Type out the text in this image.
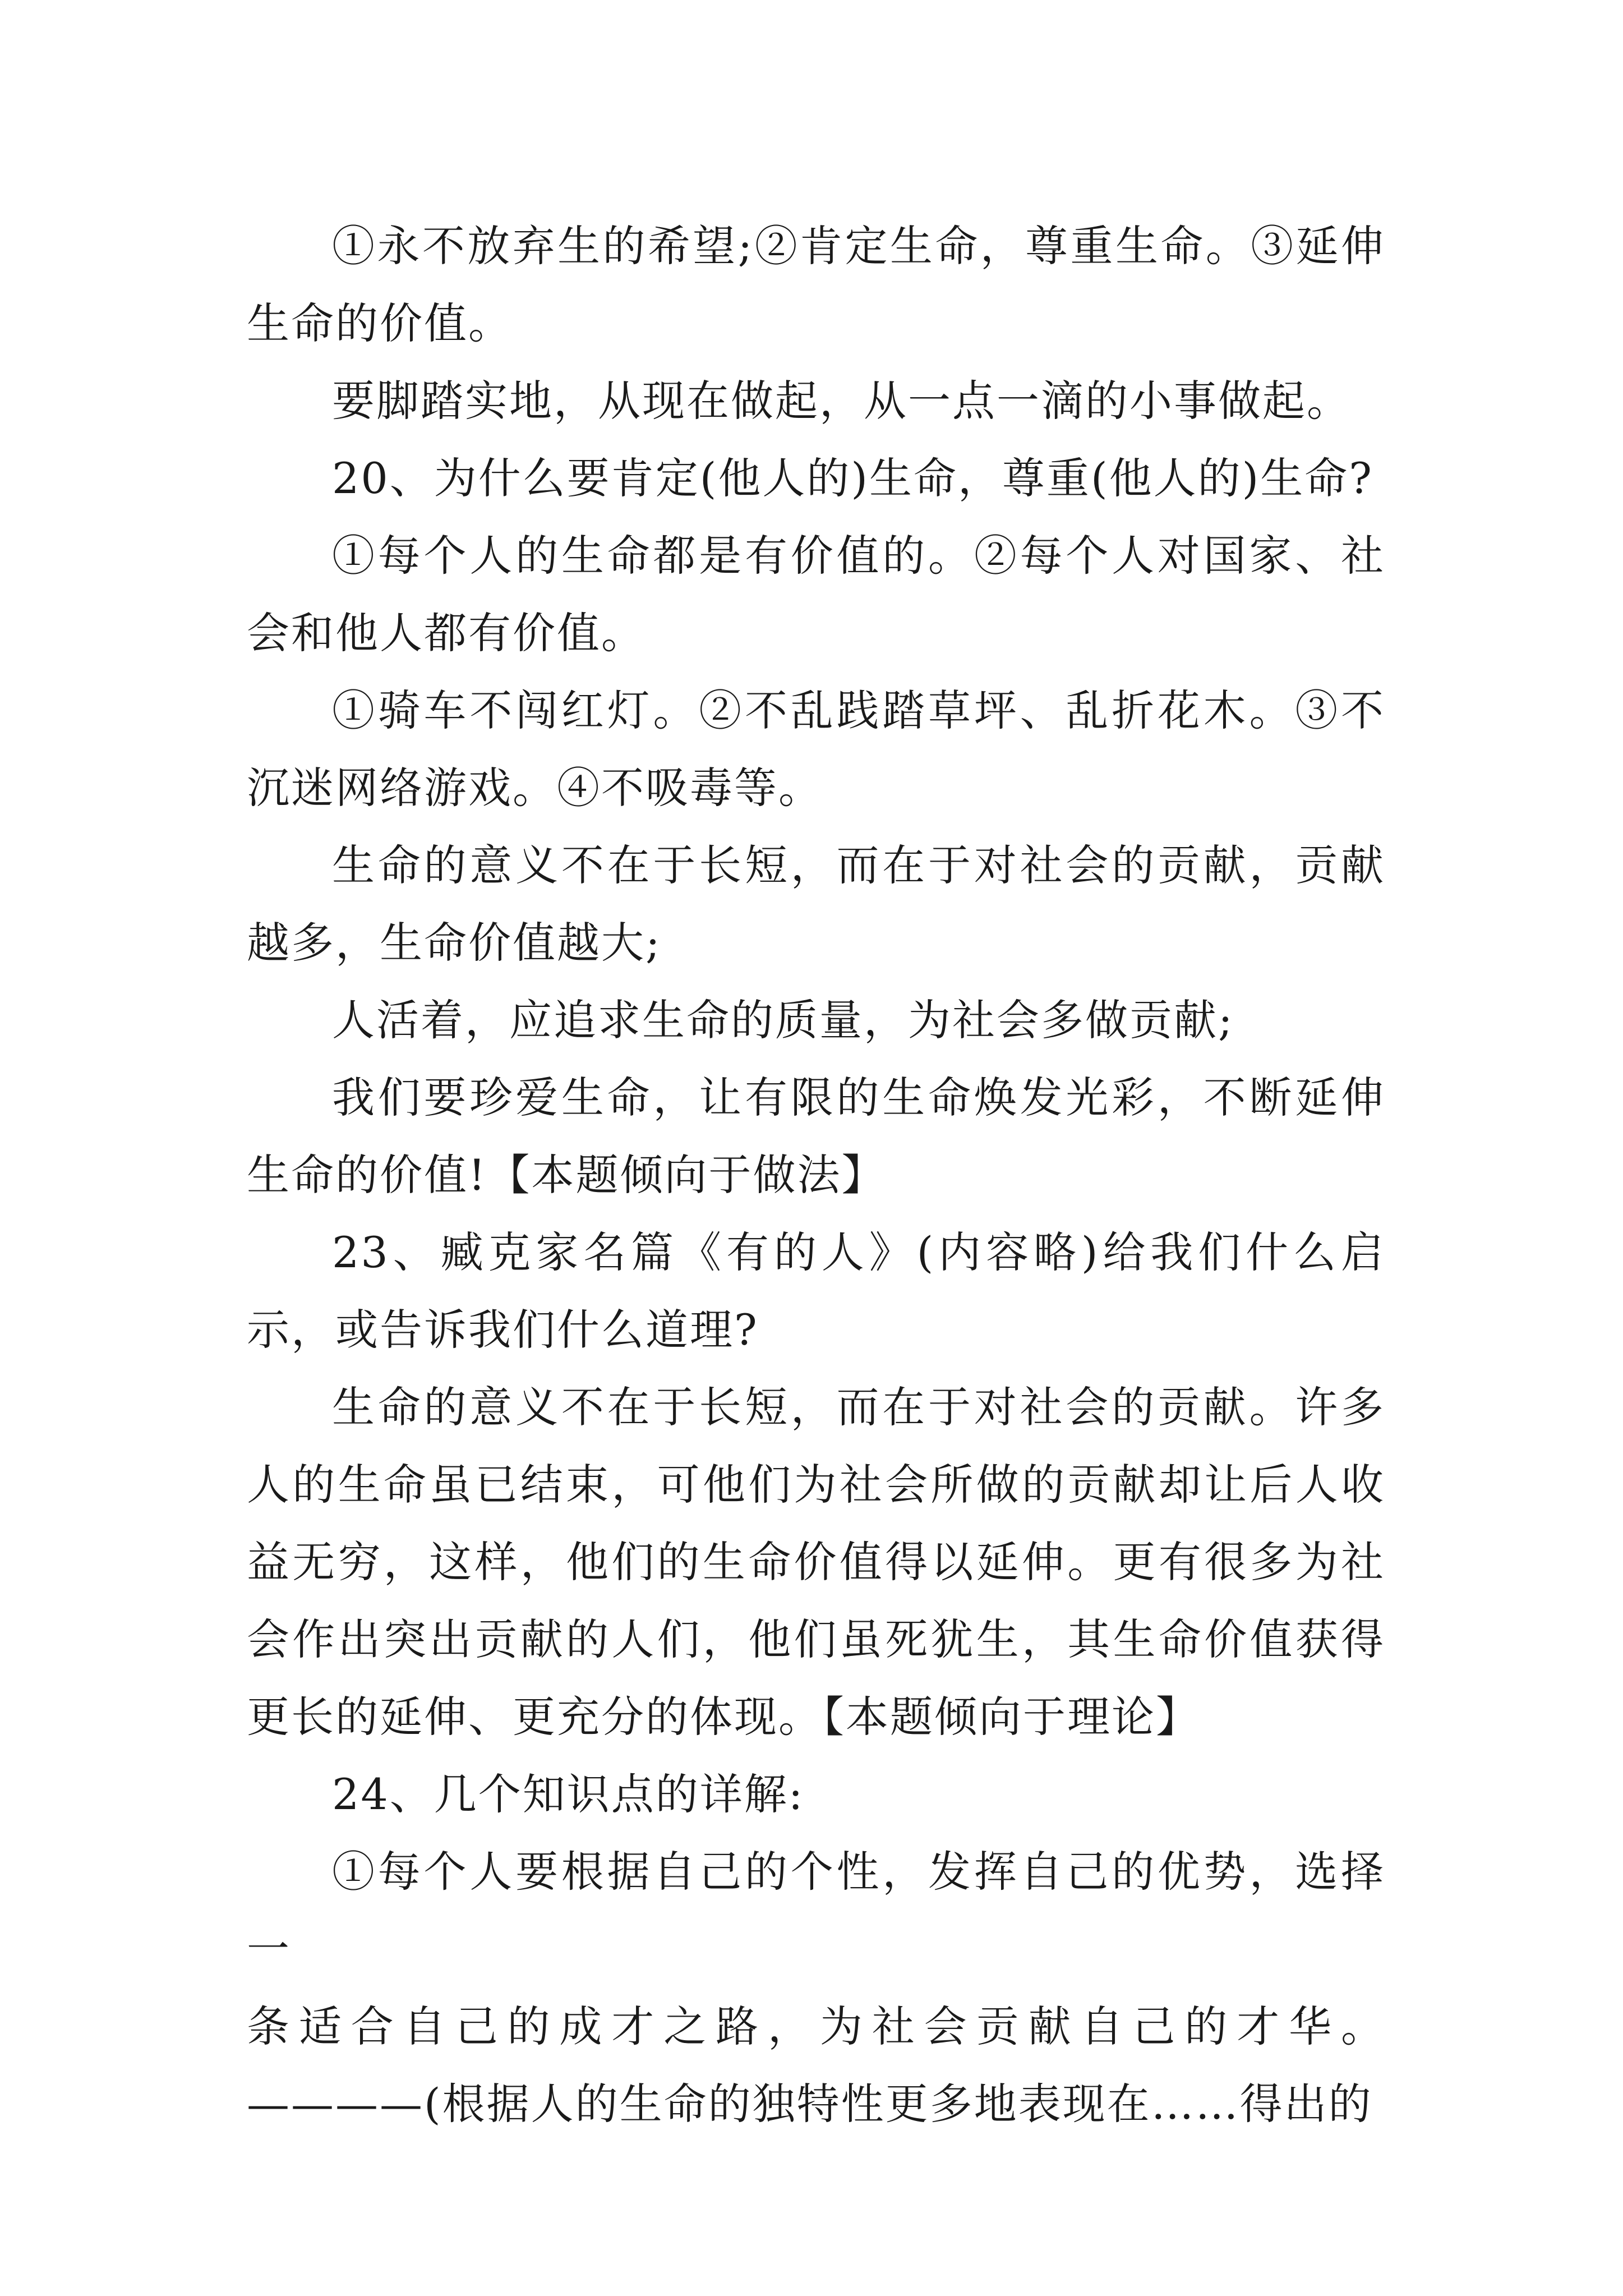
①永不放弃生的希望;②肯定生命，尊重生命。③延伸生命的价值。

要脚踏实地，从现在做起，从一点一滴的小事做起。

20、为什么要肯定(他人的)生命，尊重(他人的)生命?

①每个人的生命都是有价值的。②每个人对国家、社会和他人都有价值。

①骑车不闯红灯。②不乱践踏草坪、乱折花木。③不沉迷网络游戏。④不吸毒等。

生命的意义不在于长短，而在于对社会的贡献，贡献越多，生命价值越大;

人活着，应追求生命的质量，为社会多做贡献;

我们要珍爱生命，让有限的生命焕发光彩，不断延伸生命的价值!【本题倾向于做法】

23、臧克家名篇《有的人》(内容略)给我们什么启示，或告诉我们什么道理?

生命的意义不在于长短，而在于对社会的贡献。许多人的生命虽已结束，可他们为社会所做的贡献却让后人收益无穷，这样，他们的生命价值得以延伸。更有很多为社会作出突出贡献的人们，他们虽死犹生，其生命价值获得更长的延伸、更充分的体现。【本题倾向于理论】

24、几个知识点的详解:

①每个人要根据自己的个性，发挥自己的优势，选择一

条适合自己的成才之路，为社会贡献自己的才华。

————(根据人的生命的独特性更多地表现在……得出的
